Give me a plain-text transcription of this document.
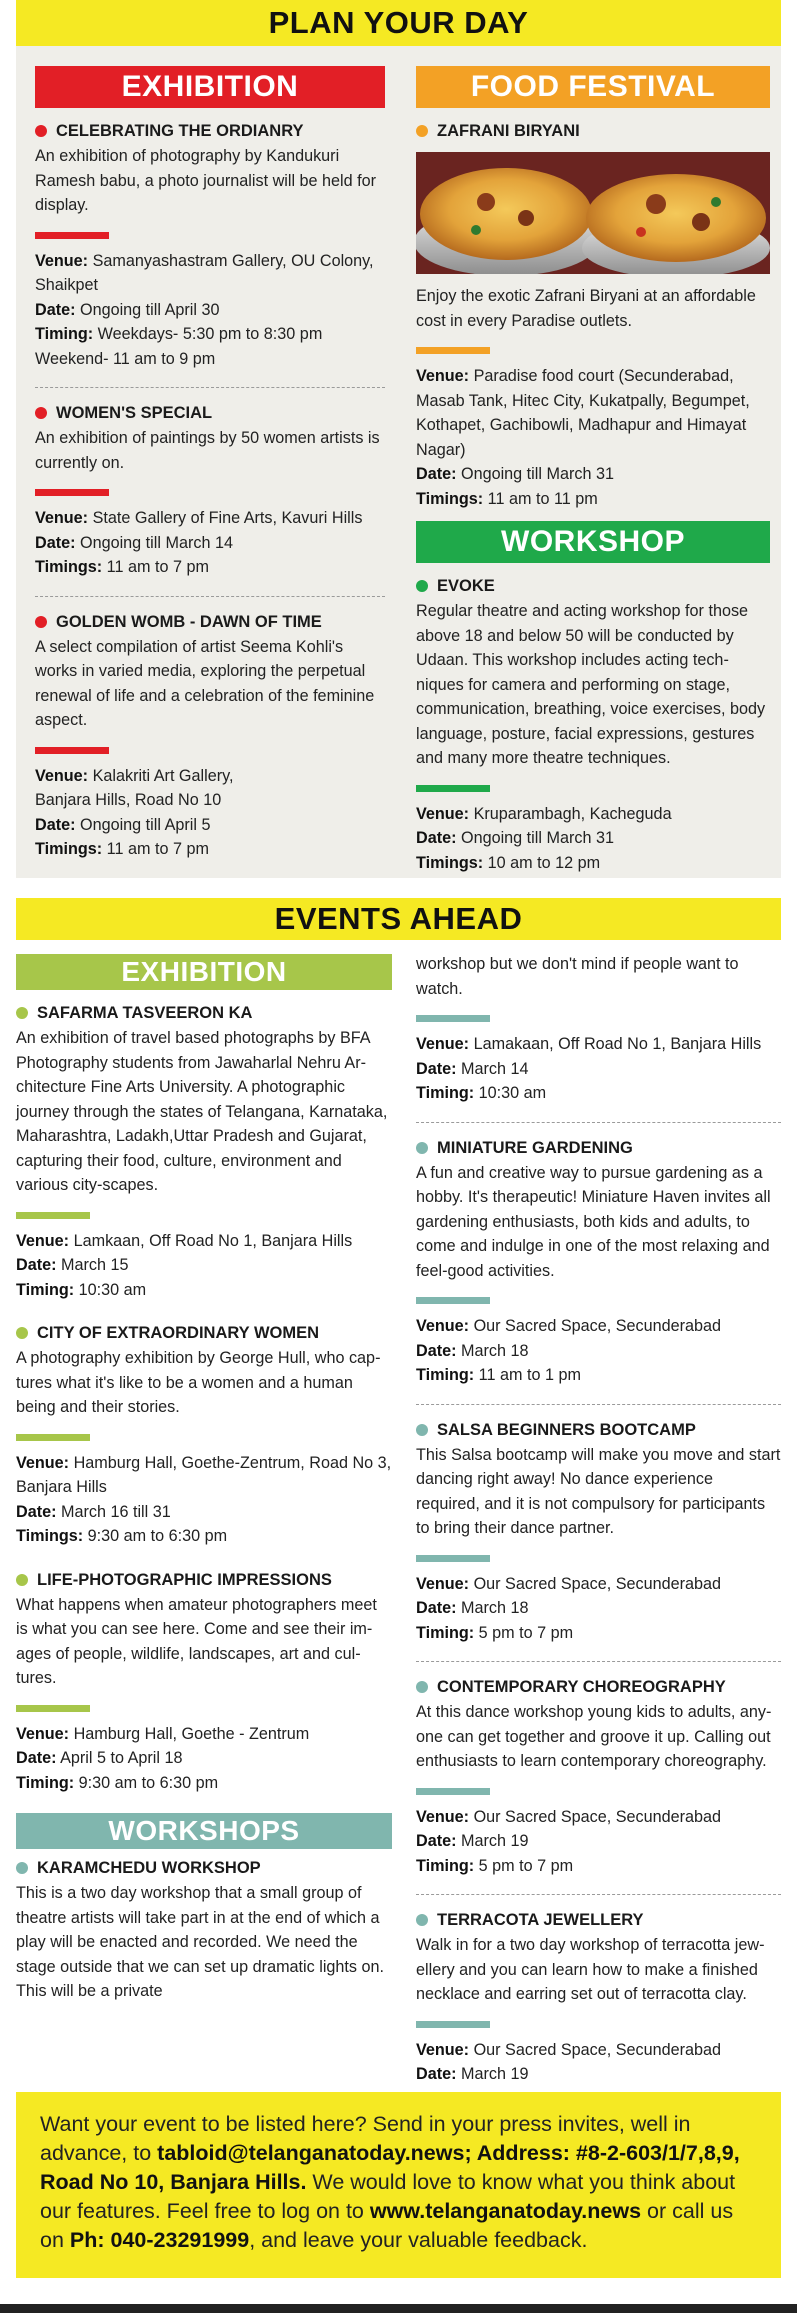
PLAN YOUR DAY
EXHIBITION
CELEBRATING THE ORDIANRY
An exhibition of photography by Kandukuri Ramesh babu, a photo journalist will be held for display.
Venue: Samanyashastram Gallery, OU Colony, Shaikpet
Date: Ongoing till April 30
Timing: Weekdays- 5:30 pm to 8:30 pm
Weekend- 11 am to 9 pm
WOMEN'S SPECIAL
An exhibition of paintings by 50 women artists is currently on.
Venue: State Gallery of Fine Arts, Kavuri Hills
Date: Ongoing till March 14
Timings: 11 am to 7 pm
GOLDEN WOMB - DAWN OF TIME
A select compilation of artist Seema Kohli's works in varied media, exploring the perpetual renewal of life and a celebration of the feminine aspect.
Venue: Kalakriti Art Gallery,
Banjara Hills, Road No 10
Date: Ongoing till April 5
Timings: 11 am to 7 pm
FOOD FESTIVAL
ZAFRANI BIRYANI
Enjoy the exotic Zafrani Biryani at an affordable cost in every Paradise outlets.
Venue: Paradise food court (Secunderabad, Masab Tank, Hitec City, Kukatpally, Begumpet, Kothapet, Gachibowli, Madhapur and Himayat Nagar)
Date: Ongoing till March 31
Timings: 11 am to 11 pm
WORKSHOP
EVOKE
Regular theatre and acting workshop for those above 18 and below 50 will be conducted by Udaan. This workshop includes acting techniques for camera and performing on stage, communication, breathing, voice exercises, body language, posture, facial expressions, gestures and many more theatre techniques.
Venue: Kruparambagh, Kacheguda
Date: Ongoing till March 31
Timings: 10 am to 12 pm
EVENTS AHEAD
EXHIBITION
SAFARMA TASVEERON KA
An exhibition of travel based photographs by BFA Photography students from Jawaharlal Nehru Architecture Fine Arts University. A photographic journey through the states of Telangana, Karnataka, Maharashtra, Ladakh,Uttar Pradesh and Gujarat, capturing their food, culture, environment and various city-scapes.
Venue: Lamkaan, Off Road No 1, Banjara Hills
Date: March 15
Timing: 10:30 am
CITY OF EXTRAORDINARY WOMEN
A photography exhibition by George Hull, who captures what it's like to be a women and a human being and their stories.
Venue: Hamburg Hall, Goethe-Zentrum, Road No 3, Banjara Hills
Date: March 16 till 31
Timings: 9:30 am to 6:30 pm
LIFE-PHOTOGRAPHIC IMPRESSIONS
What happens when amateur photographers meet is what you can see here. Come and see their images of people, wildlife, landscapes, art and cultures.
Venue: Hamburg Hall, Goethe - Zentrum
Date: April 5 to April 18
Timing: 9:30 am to 6:30 pm
WORKSHOPS
KARAMCHEDU WORKSHOP
This is a two day workshop that a small group of theatre artists will take part in at the end of which a play will be enacted and recorded. We need the stage outside that we can set up dramatic lights on. This will be a private
workshop but we don't mind if people want to watch.
Venue: Lamakaan, Off Road No 1, Banjara Hills
Date: March 14
Timing: 10:30 am
MINIATURE GARDENING
A fun and creative way to pursue gardening as a hobby. It's therapeutic! Miniature Haven invites all gardening enthusiasts, both kids and adults, to come and indulge in one of the most relaxing and feel-good activities.
Venue: Our Sacred Space, Secunderabad
Date: March 18
Timing: 11 am to 1 pm
SALSA BEGINNERS BOOTCAMP
This Salsa bootcamp will make you move and start dancing right away! No dance experience required, and it is not compulsory for participants to bring their dance partner.
Venue: Our Sacred Space, Secunderabad
Date: March 18
Timing: 5 pm to 7 pm
CONTEMPORARY CHOREOGRAPHY
At this dance workshop young kids to adults, anyone can get together and groove it up. Calling out enthusiasts to learn contemporary choreography.
Venue: Our Sacred Space, Secunderabad
Date: March 19
Timing: 5 pm to 7 pm
TERRACOTA JEWELLERY
Walk in for a two day workshop of terracotta jewellery and you can learn how to make a finished necklace and earring set out of terracotta clay.
Venue: Our Sacred Space, Secunderabad
Date: March 19
Want your event to be listed here? Send in your press invites, well in advance, to tabloid@telanganatoday.news; Address: #8-2-603/1/7,8,9, Road No 10, Banjara Hills. We would love to know what you think about our features. Feel free to log on to www.telanganatoday.news or call us on Ph: 040-23291999, and leave your valuable feedback.
